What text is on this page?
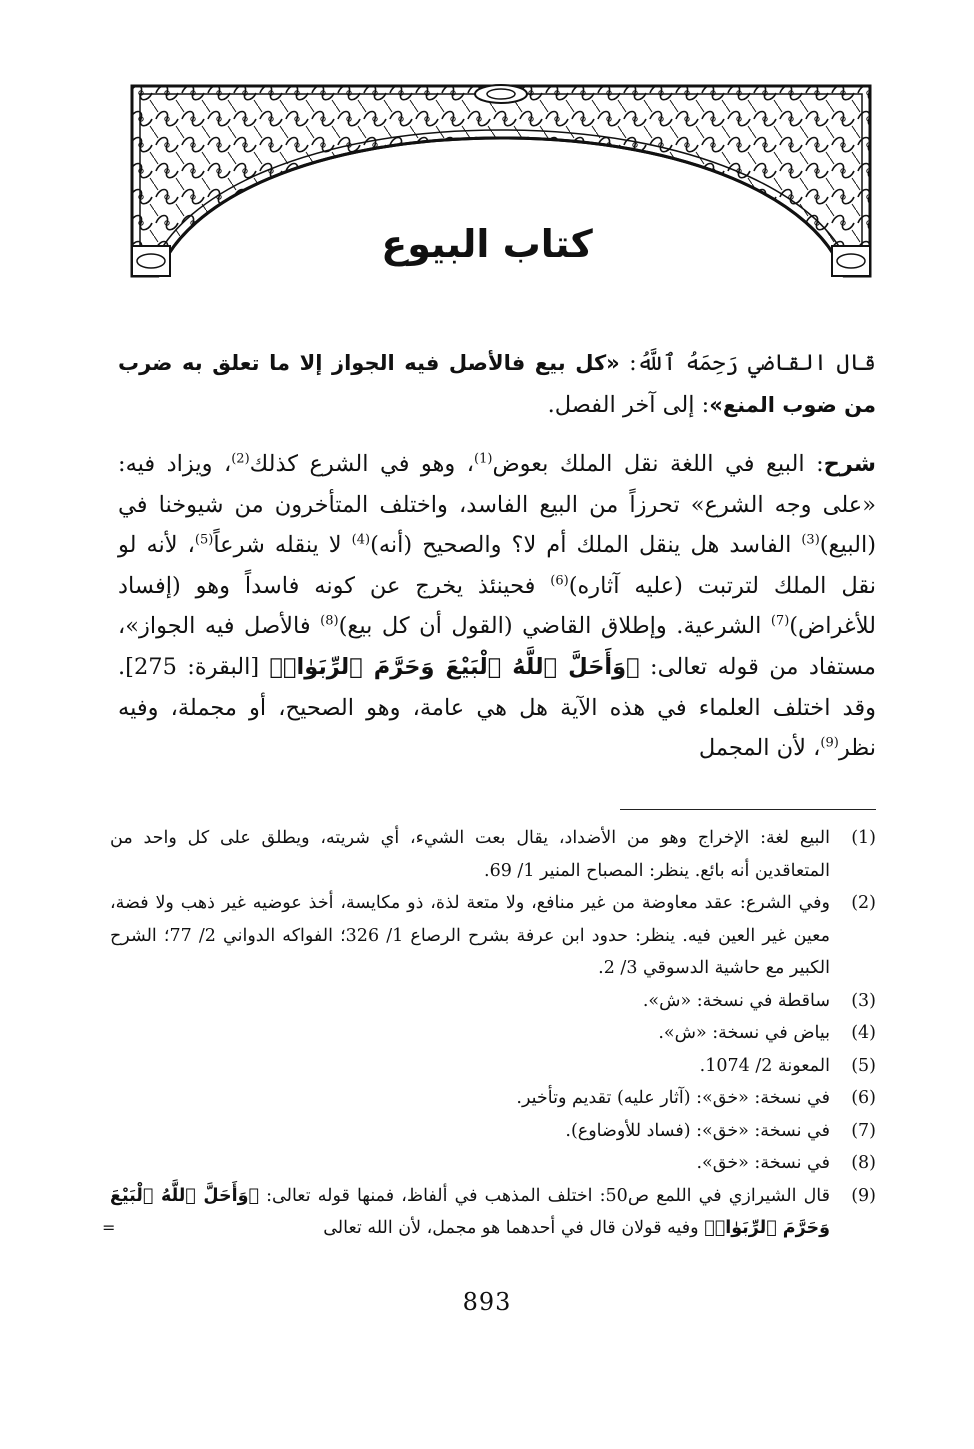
كتاب البيوع

قال القاضي رَحِمَهُ ٱللَّهُ: «كل بيع فالأصل فيه الجواز إلا ما تعلق به ضرب من ضوب المنع»: إلى آخر الفصل.

شرح: البيع في اللغة نقل الملك بعوض$^{(1)}$، وهو في الشرع كذلك$^{(2)}$، ويزاد فيه: «على وجه الشرع» تحرزاً من البيع الفاسد، واختلف المتأخرون من شيوخنا في (البيع)$^{(3)}$ الفاسد هل ينقل الملك أم لا؟ والصحيح (أنه)$^{(4)}$ لا ينقله شرعاً$^{(5)}$، لأنه لو نقل الملك لترتبت (عليه آثاره)$^{(6)}$ فحينئذ يخرج عن كونه فاسداً وهو (إفساد للأغراض)$^{(7)}$ الشرعية. وإطلاق القاضي (القول أن كل بيع)$^{(8)}$ فالأصل فيه الجواز»، مستفاد من قوله تعالى: ﴿وَأَحَلَّ ٱللَّهُ ٱلْبَيْعَ وَحَرَّمَ ٱلرِّبَوٰا۟﴾ [البقرة: 275]. وقد اختلف العلماء في هذه الآية هل هي عامة، وهو الصحيح، أو مجملة، وفيه نظر$^{(9)}$، لأن المجمل

(1)
البيع لغة: الإخراج وهو من الأضداد، يقال بعت الشيء، أي شريته، ويطلق على كل واحد من المتعاقدين أنه بائع. ينظر: المصباح المنير 1/ 69.
(2)
وفي الشرع: عقد معاوضة من غير منافع، ولا متعة لذة، ذو مكايسة، أخذ عوضيه غير ذهب ولا فضة، معين غير العين فيه. ينظر: حدود ابن عرفة بشرح الرصاع 1/ 326؛ الفواكه الدواني 2/ 77؛ الشرح الكبير مع حاشية الدسوقي 3/ 2.
(3)
ساقطة في نسخة: «ش».
(4)
بياض في نسخة: «ش».
(5)
المعونة 2/ 1074.
(6)
في نسخة: «خق»: (آثار عليه) تقديم وتأخير.
(7)
في نسخة: «خق»: (فساد للأوضاوع).
(8)
في نسخة: «خق».
(9)
قال الشيرازي في اللمع ص50: اختلف المذهب في ألفاظ، فمنها قوله تعالى: ﴿وَأَحَلَّ ٱللَّهُ ٱلْبَيْعَ وَحَرَّمَ ٱلرِّبَوٰا۟﴾ وفيه قولان قال في أحدهما هو مجمل، لأن الله تعالى
=
893
